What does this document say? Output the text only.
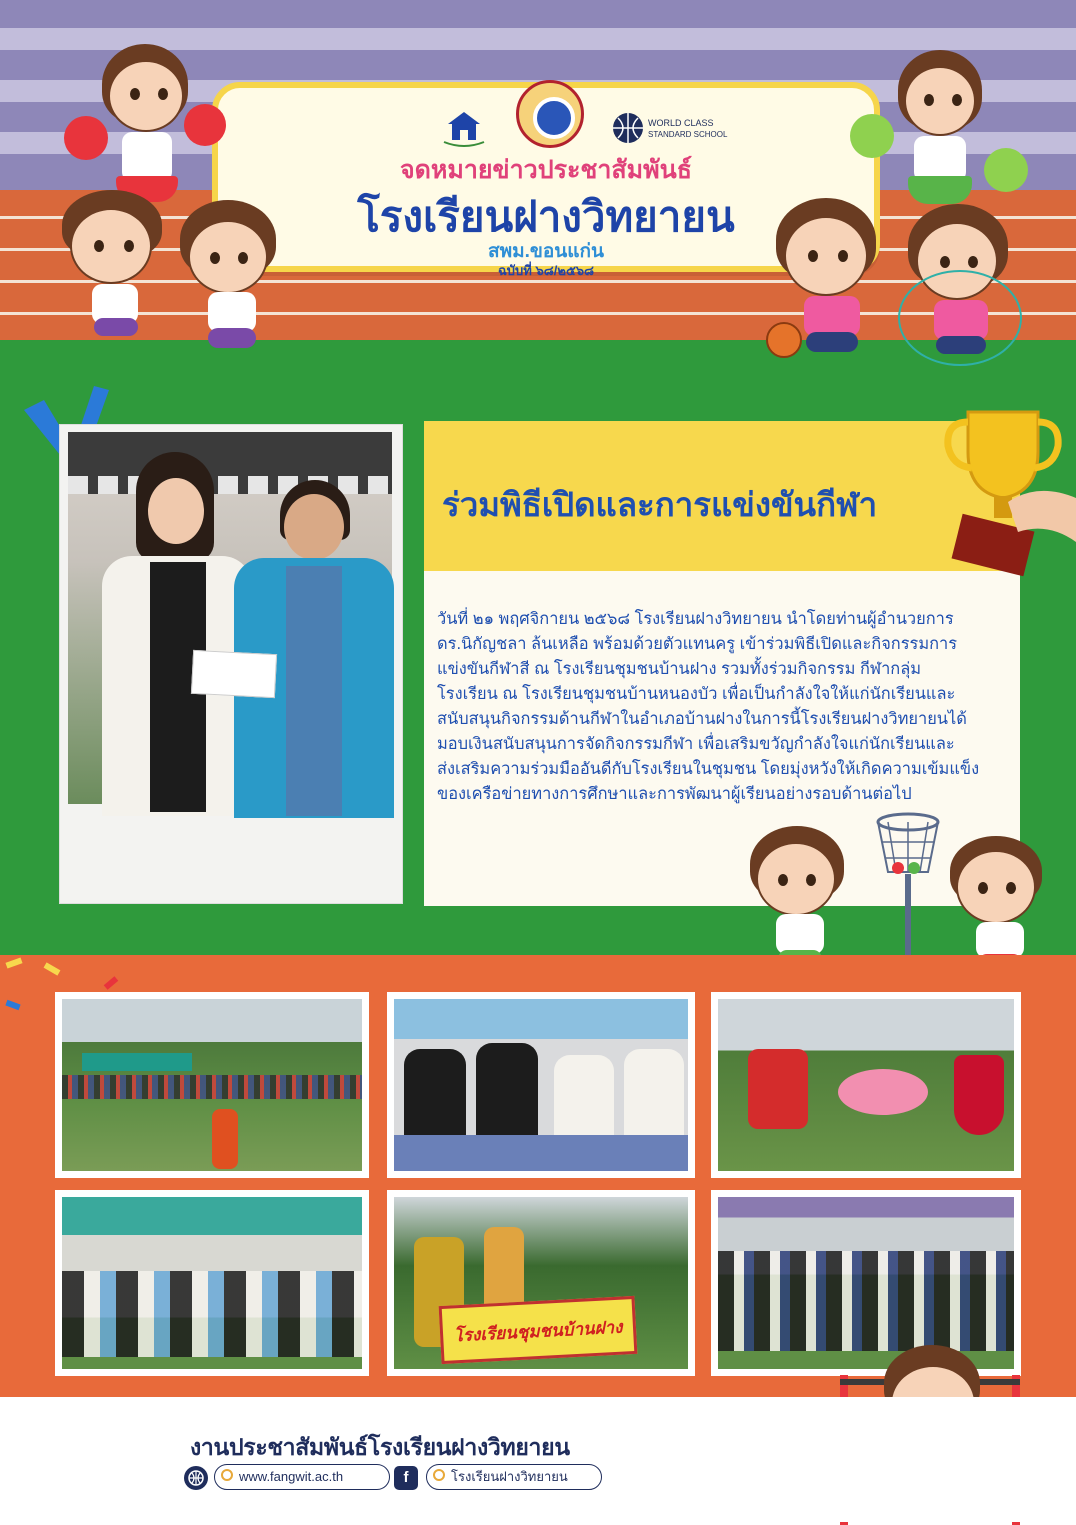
WORLD CLASS
STANDARD SCHOOL
จดหมายข่าวประชาสัมพันธ์
โรงเรียนฝางวิทยายน
สพม.ขอนแก่น
ฉบับที่ ๖๘/๒๕๖๘
ร่วมพิธีเปิดและการแข่งขันกีฬา
วันที่ ๒๑ พฤศจิกายน ๒๕๖๘ โรงเรียนฝางวิทยายน นำโดยท่านผู้อำนวยการ
ดร.นิกัญชลา ล้นเหลือ พร้อมด้วยตัวแทนครู เข้าร่วมพิธีเปิดและกิจกรรมการ
แข่งขันกีฬาสี ณ โรงเรียนชุมชนบ้านฝาง รวมทั้งร่วมกิจกรรม กีฬากลุ่ม
โรงเรียน ณ โรงเรียนชุมชนบ้านหนองบัว เพื่อเป็นกำลังใจให้แก่นักเรียนและ
สนับสนุนกิจกรรมด้านกีฬาในอำเภอบ้านฝางในการนี้โรงเรียนฝางวิทยายนได้
มอบเงินสนับสนุนการจัดกิจกรรมกีฬา เพื่อเสริมขวัญกำลังใจแก่นักเรียนและ
ส่งเสริมความร่วมมืออันดีกับโรงเรียนในชุมชน โดยมุ่งหวังให้เกิดความเข้มแข็ง
ของเครือข่ายทางการศึกษาและการพัฒนาผู้เรียนอย่างรอบด้านต่อไป
โรงเรียนชุมชนบ้านฝาง
งานประชาสัมพันธ์โรงเรียนฝางวิทยายน
www.fangwit.ac.th	f	โรงเรียนฝางวิทยายน
